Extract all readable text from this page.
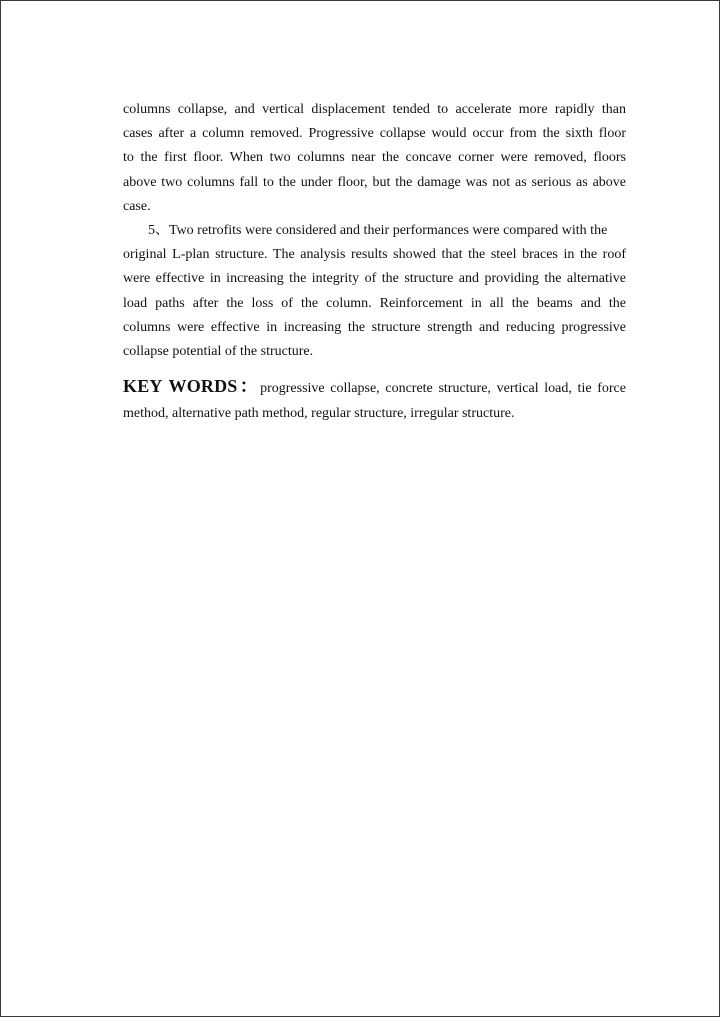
columns collapse, and vertical displacement tended to accelerate more rapidly than
cases after a column removed. Progressive collapse would occur from the sixth floor
to the first floor. When two columns near the concave corner were removed, floors
above two columns fall to the under floor, but the damage was not as serious as above
case.

5、Two retrofits were considered and their performances were compared with the
original L-plan structure. The analysis results showed that the steel braces in the roof
were effective in increasing the integrity of the structure and providing the alternative
load paths after the loss of the column. Reinforcement in all the beams and the
columns were effective in increasing the structure strength and reducing progressive
collapse potential of the structure.

KEY WORDS：progressive collapse, concrete structure, vertical load, tie force
method, alternative path method, regular structure, irregular structure.
